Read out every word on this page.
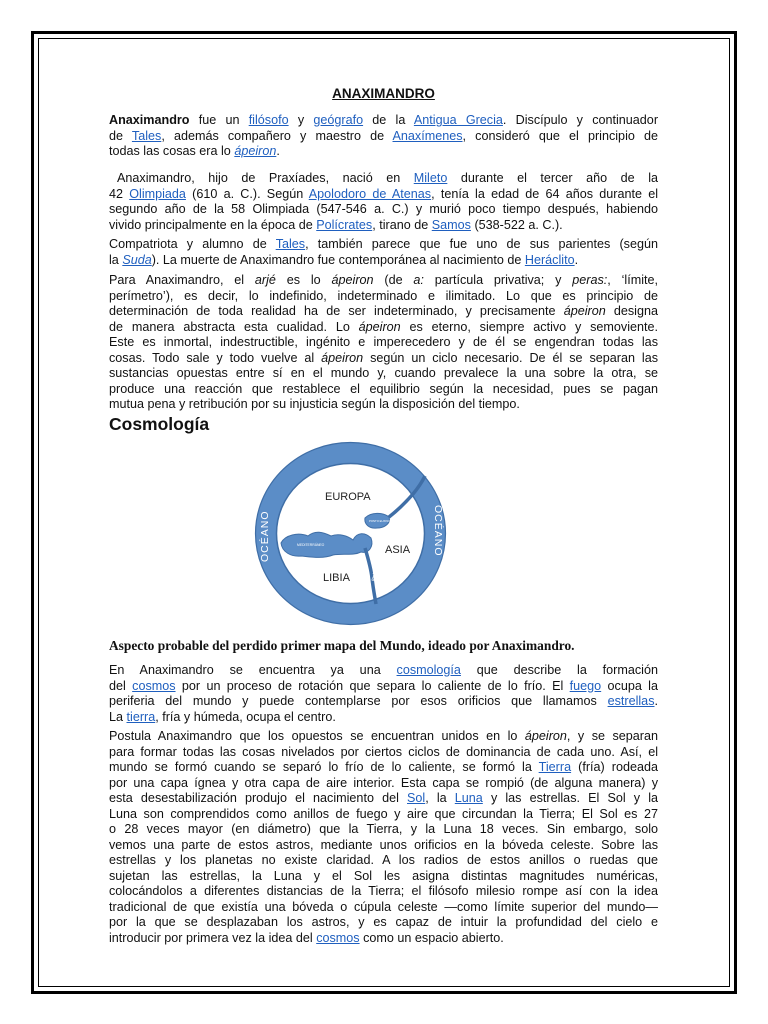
ANAXIMANDRO
Anaximandro fue un filósofo y geógrafo de la Antigua Grecia. Discípulo y continuador
de Tales, además compañero y maestro de Anaxímenes, consideró que el principio de
todas las cosas era lo ápeiron.
Anaximandro, hijo de Praxíades, nació en Mileto durante el tercer año de la
42 Olimpiada (610 a. C.). Según Apolodoro de Atenas, tenía la edad de 64 años durante el
segundo año de la 58 Olimpiada (547-546 a. C.) y murió poco tiempo después, habiendo
vivido principalmente en la época de Polícrates, tirano de Samos (538-522 a. C.).
Compatriota y alumno de Tales, también parece que fue uno de sus parientes (según
la Suda). La muerte de Anaximandro fue contemporánea al nacimiento de Heráclito.
Para Anaximandro, el arjé es lo ápeiron (de a: partícula privativa; y peras:, ‘límite,
perímetro’), es decir, lo indefinido, indeterminado e ilimitado. Lo que es principio de
determinación de toda realidad ha de ser indeterminado, y precisamente ápeiron designa
de manera abstracta esta cualidad. Lo ápeiron es eterno, siempre activo y semoviente.
Este es inmortal, indestructible, ingénito e imperecedero y de él se engendran todas las
cosas. Todo sale y todo vuelve al ápeiron según un ciclo necesario. De él se separan las
sustancias opuestas entre sí en el mundo y, cuando prevalece la una sobre la otra, se
produce una reacción que restablece el equilibrio según la necesidad, pues se pagan
mutua pena y retribución por su injusticia según la disposición del tiempo.
Cosmología
EUROPA
ASIA
LIBIA
MEDITERRÁNEO
PONTO EUXINO
Río Fasis
Río Nilo
OCÉANO	OCÉANO
Aspecto probable del perdido primer mapa del Mundo, ideado por Anaximandro.
En Anaximandro se encuentra ya una cosmología que describe la formación
del cosmos por un proceso de rotación que separa lo caliente de lo frío. El fuego ocupa la
periferia del mundo y puede contemplarse por esos orificios que llamamos estrellas.
La tierra, fría y húmeda, ocupa el centro.
Postula Anaximandro que los opuestos se encuentran unidos en lo ápeiron, y se separan
para formar todas las cosas nivelados por ciertos ciclos de dominancia de cada uno. Así, el
mundo se formó cuando se separó lo frío de lo caliente, se formó la Tierra (fría) rodeada
por una capa ígnea y otra capa de aire interior. Esta capa se rompió (de alguna manera) y
esta desestabilización produjo el nacimiento del Sol, la Luna y las estrellas. El Sol y la
Luna son comprendidos como anillos de fuego y aire que circundan la Tierra; El Sol es 27
o 28 veces mayor (en diámetro) que la Tierra, y la Luna 18 veces. Sin embargo, solo
vemos una parte de estos astros, mediante unos orificios en la bóveda celeste. Sobre las
estrellas y los planetas no existe claridad. A los radios de estos anillos o ruedas que
sujetan las estrellas, la Luna y el Sol les asigna distintas magnitudes numéricas,
colocándolos a diferentes distancias de la Tierra; el filósofo milesio rompe así con la idea
tradicional de que existía una bóveda o cúpula celeste —como límite superior del mundo—
por la que se desplazaban los astros, y es capaz de intuir la profundidad del cielo e
introducir por primera vez la idea del cosmos como un espacio abierto.
